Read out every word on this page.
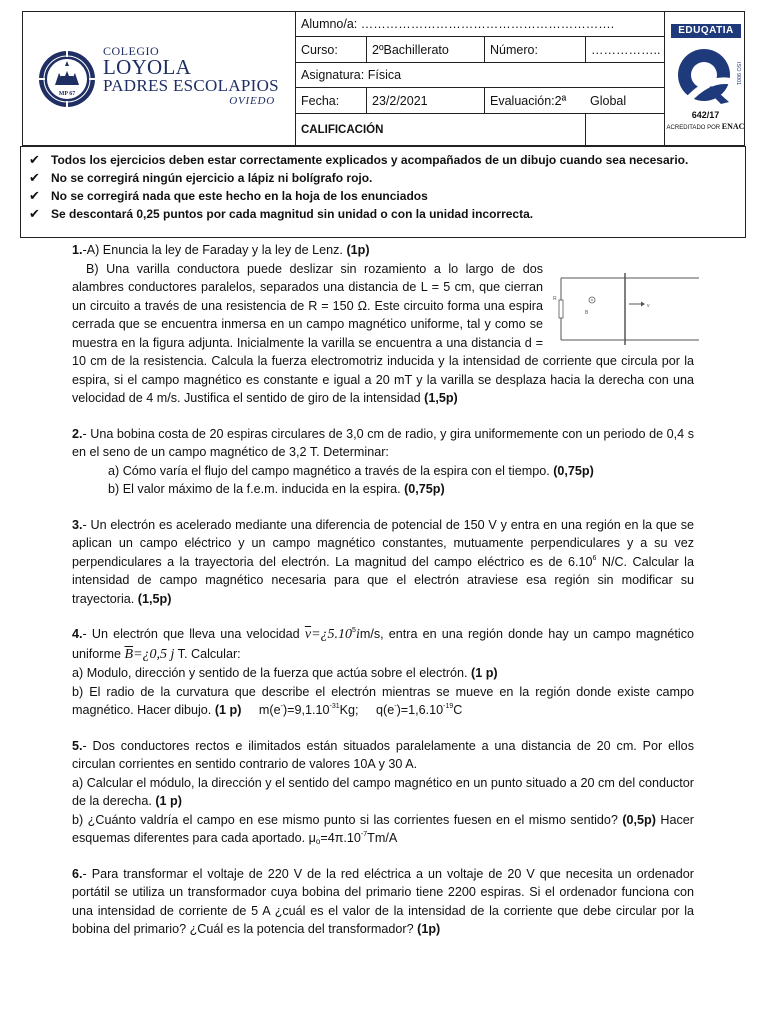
MP 67
COLEGIO
LOYOLA
PADRES ESCOLAPIOS
OVIEDO
Alumno/a: …………………………………………………….
Curso:	2ºBachillerato	Número:	……………..
Asignatura: Física
Fecha:	23/2/2021	Evaluación:2ª	Global
CALIFICACIÓN
EDUQATIA
ISO 9001
642/17
ACREDITADO POR ENAC
✔ Todos los ejercicios deben estar correctamente explicados y acompañados de un dibujo cuando sea necesario.
✔ No se corregirá ningún ejercicio a lápiz ni bolígrafo rojo.
✔ No se corregirá nada que este hecho en la hoja de los enunciados
✔ Se descontará 0,25 puntos por cada magnitud sin unidad o con la unidad incorrecta.
1.-A) Enuncia la ley de Faraday y la ley de Lenz. (1p)
R
B
v
B) Una varilla conductora puede deslizar sin rozamiento a lo largo de dos alambres conductores paralelos, separados una distancia de L = 5 cm, que cierran un circuito a través de una resistencia de R = 150 Ω. Este circuito forma una espira cerrada que se encuentra inmersa en un campo magnético uniforme, tal y como se muestra en la figura adjunta. Inicialmente la varilla se encuentra a una distancia d = 10 cm de la resistencia. Calcula la fuerza electromotriz inducida y la intensidad de corriente que circula por la espira, si el campo magnético es constante e igual a 20 mT y la varilla se desplaza hacia la derecha con una velocidad de 4 m/s. Justifica el sentido de giro de la intensidad (1,5p)
2.- Una bobina costa de 20 espiras circulares de 3,0 cm de radio, y gira uniformemente con un periodo de 0,4 s en el seno de un campo magnético de 3,2 T. Determinar:
a) Cómo varía el flujo del campo magnético a través de la espira con el tiempo. (0,75p)
b) El valor máximo de la f.e.m. inducida en la espira. (0,75p)
3.- Un electrón es acelerado mediante una diferencia de potencial de 150 V y entra en una región en la que se aplican un campo eléctrico y un campo magnético constantes, mutuamente perpendiculares y a su vez perpendiculares a la trayectoria del electrón. La magnitud del campo eléctrico es de 6.10$^6$ N/C. Calcular la intensidad de campo magnético necesaria para que el electrón atraviese esa región sin modificar su trayectoria. (1,5p)
4.- Un electrón que lleva una velocidad $\overline{v}=¿5.10^5im/s$, entra en una región donde hay un campo magnético uniforme $\overline{B}=¿0,5$ j T. Calcular:
a) Modulo, dirección y sentido de la fuerza que actúa sobre el electrón. (1 p)
b) El radio de la curvatura que describe el electrón mientras se mueve en la región donde existe campo magnético. Hacer dibujo. (1 p) $m(e^-)=9,1.10^{-31}Kg$; $q(e^-)=1,6.10^{-19}C$
5.- Dos conductores rectos e ilimitados están situados paralelamente a una distancia de 20 cm. Por ellos circulan corrientes en sentido contrario de valores 10A y 30 A.
a) Calcular el módulo, la dirección y el sentido del campo magnético en un punto situado a 20 cm del conductor de la derecha. (1 p)
b) ¿Cuánto valdría el campo en ese mismo punto si las corrientes fuesen en el mismo sentido? (0,5p) Hacer esquemas diferentes para cada aportado. $\mu_o=4\pi.10^{-7}Tm/A$
6.- Para transformar el voltaje de 220 V de la red eléctrica a un voltaje de 20 V que necesita un ordenador portátil se utiliza un transformador cuya bobina del primario tiene 2200 espiras. Si el ordenador funciona con una intensidad de corriente de 5 A ¿cuál es el valor de la intensidad de la corriente que debe circular por la bobina del primario? ¿Cuál es la potencia del transformador? (1p)
